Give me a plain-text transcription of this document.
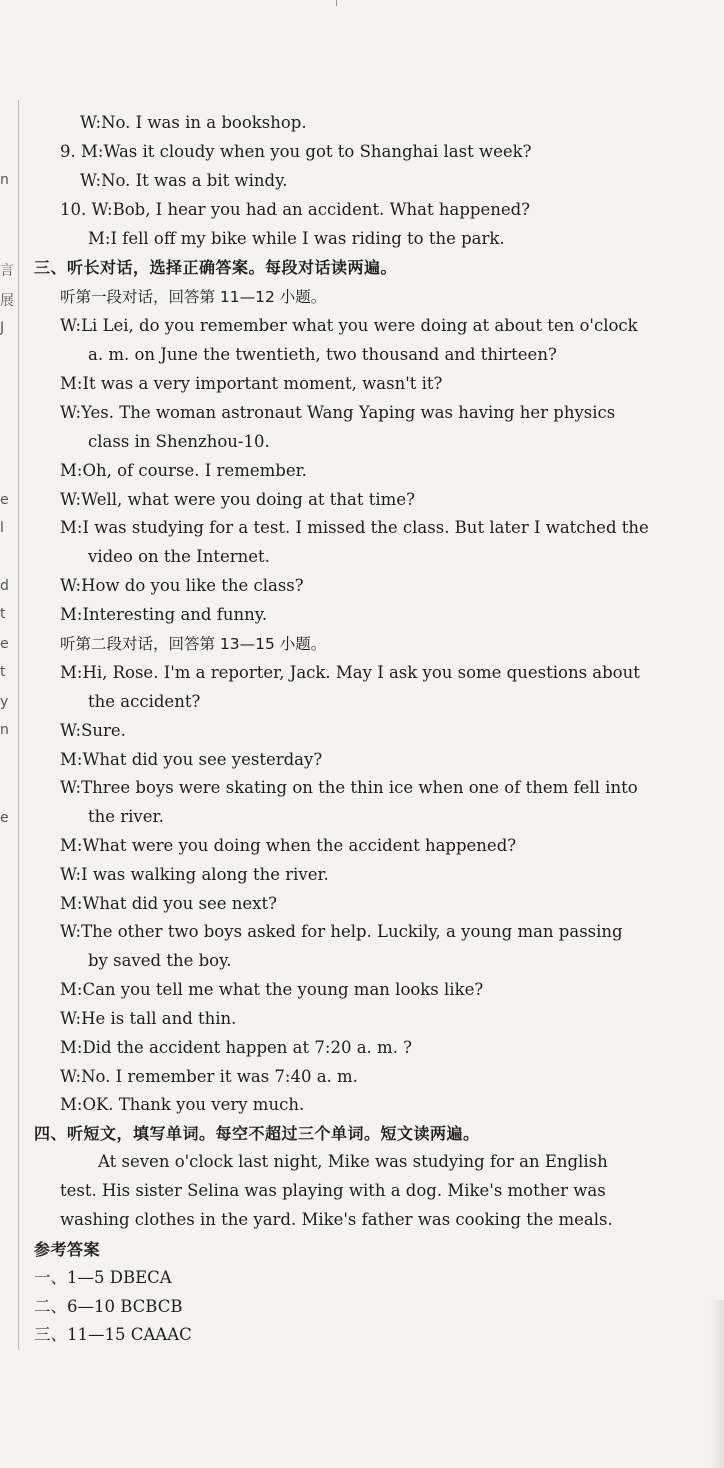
n
言
展
J
e
l
d
t
e
t
y
n
e
W:No. I was in a bookshop.
9. M:Was it cloudy when you got to Shanghai last week?
W:No. It was a bit windy.
10. W:Bob, I hear you had an accident. What happened?
M:I fell off my bike while I was riding to the park.
三、听长对话，选择正确答案。每段对话读两遍。
听第一段对话，回答第 11—12 小题。
W:Li Lei, do you remember what you were doing at about ten o'clock
a. m. on June the twentieth, two thousand and thirteen?
M:It was a very important moment, wasn't it?
W:Yes. The woman astronaut Wang Yaping was having her physics
class in Shenzhou-10.
M:Oh, of course. I remember.
W:Well, what were you doing at that time?
M:I was studying for a test. I missed the class. But later I watched the
video on the Internet.
W:How do you like the class?
M:Interesting and funny.
听第二段对话，回答第 13—15 小题。
M:Hi, Rose. I'm a reporter, Jack. May I ask you some questions about
the accident?
W:Sure.
M:What did you see yesterday?
W:Three boys were skating on the thin ice when one of them fell into
the river.
M:What were you doing when the accident happened?
W:I was walking along the river.
M:What did you see next?
W:The other two boys asked for help. Luckily, a young man passing
by saved the boy.
M:Can you tell me what the young man looks like?
W:He is tall and thin.
M:Did the accident happen at 7:20 a. m. ?
W:No. I remember it was 7:40 a. m.
M:OK. Thank you very much.
四、听短文，填写单词。每空不超过三个单词。短文读两遍。
At seven o'clock last night, Mike was studying for an English
test. His sister Selina was playing with a dog. Mike's mother was
washing clothes in the yard. Mike's father was cooking the meals.
参考答案
一、1—5 DBECA
二、6—10 BCBCB
三、11—15 CAAAC
